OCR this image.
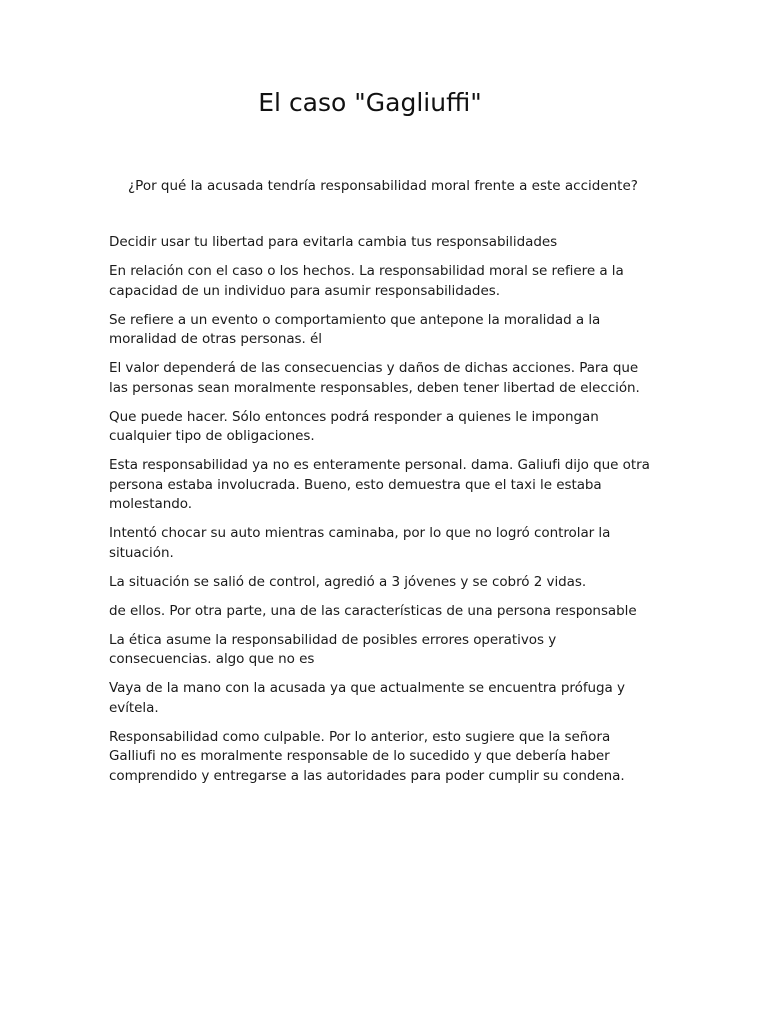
El caso "Gagliuffi"

¿Por qué la acusada tendría responsabilidad moral frente a este accidente?

Decidir usar tu libertad para evitarla cambia tus responsabilidades

En relación con el caso o los hechos. La responsabilidad moral se refiere a la capacidad de un individuo para asumir responsabilidades.

Se refiere a un evento o comportamiento que antepone la moralidad a la moralidad de otras personas. él

El valor dependerá de las consecuencias y daños de dichas acciones. Para que las personas sean moralmente responsables, deben tener libertad de elección.

Que puede hacer. Sólo entonces podrá responder a quienes le impongan cualquier tipo de obligaciones.

Esta responsabilidad ya no es enteramente personal. dama. Galiufi dijo que otra persona estaba involucrada. Bueno, esto demuestra que el taxi le estaba molestando.

Intentó chocar su auto mientras caminaba, por lo que no logró controlar la situación.

La situación se salió de control, agredió a 3 jóvenes y se cobró 2 vidas.

de ellos. Por otra parte, una de las características de una persona responsable

La ética asume la responsabilidad de posibles errores operativos y consecuencias. algo que no es

Vaya de la mano con la acusada ya que actualmente se encuentra prófuga y evítela.

Responsabilidad como culpable. Por lo anterior, esto sugiere que la señora Galliufi no es moralmente responsable de lo sucedido y que debería haber comprendido y entregarse a las autoridades para poder cumplir su condena.
